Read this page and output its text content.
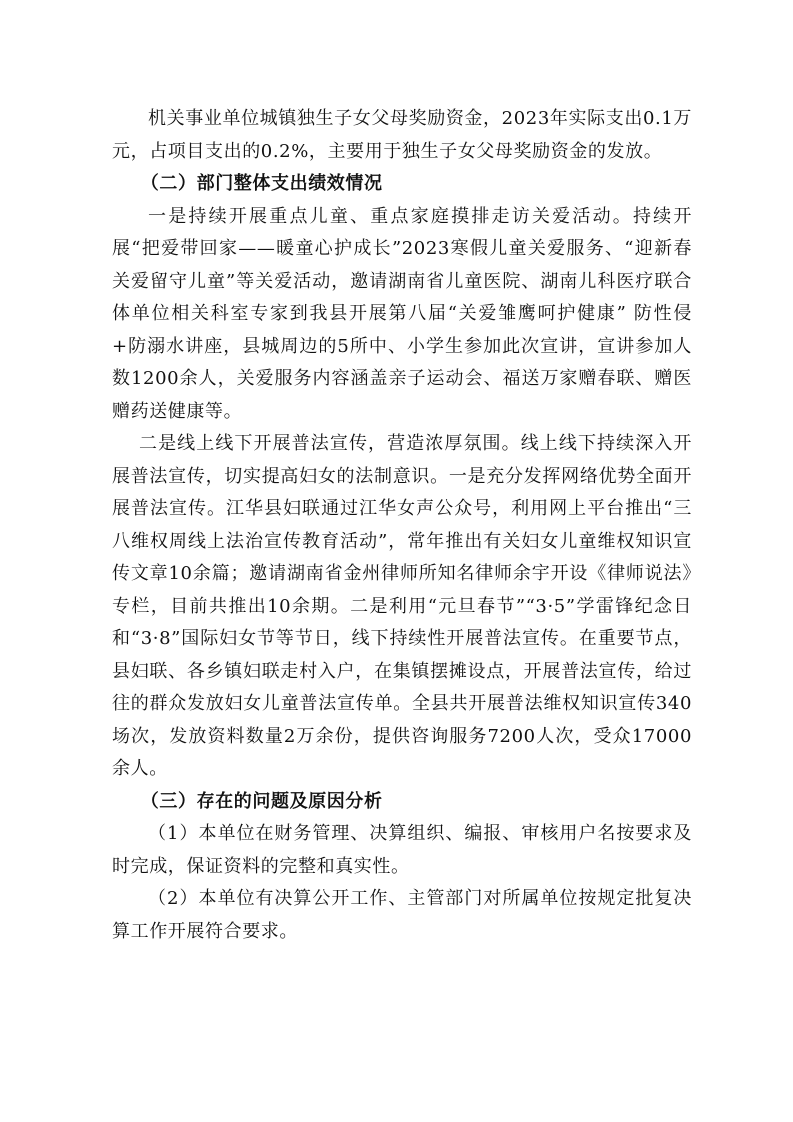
机关事业单位城镇独生子女父母奖励资金，2023年实际支出0.1万元，占项目支出的0.2%，主要用于独生子女父母奖励资金的发放。

（二）部门整体支出绩效情况

一是持续开展重点儿童、重点家庭摸排走访关爱活动。持续开展“把爱带回家——暖童心护成长”2023寒假儿童关爱服务、“迎新春 关爱留守儿童”等关爱活动，邀请湖南省儿童医院、湖南儿科医疗联合体单位相关科室专家到我县开展第八届“关爱雏鹰呵护健康” 防性侵+防溺水讲座，县城周边的5所中、小学生参加此次宣讲，宣讲参加人数1200余人，关爱服务内容涵盖亲子运动会、福送万家赠春联、赠医赠药送健康等。

二是线上线下开展普法宣传，营造浓厚氛围。线上线下持续深入开展普法宣传，切实提高妇女的法制意识。一是充分发挥网络优势全面开展普法宣传。江华县妇联通过江华女声公众号，利用网上平台推出“三八维权周线上法治宣传教育活动”，常年推出有关妇女儿童维权知识宣传文章10余篇；邀请湖南省金州律师所知名律师余宇开设《律师说法》专栏，目前共推出10余期。二是利用“元旦春节”“3·5”学雷锋纪念日和“3·8”国际妇女节等节日，线下持续性开展普法宣传。在重要节点，县妇联、各乡镇妇联走村入户，在集镇摆摊设点，开展普法宣传，给过往的群众发放妇女儿童普法宣传单。全县共开展普法维权知识宣传340场次，发放资料数量2万余份，提供咨询服务7200人次，受众17000余人。

（三）存在的问题及原因分析

（1）本单位在财务管理、决算组织、编报、审核用户名按要求及时完成，保证资料的完整和真实性。

（2）本单位有决算公开工作、主管部门对所属单位按规定批复决算工作开展符合要求。
